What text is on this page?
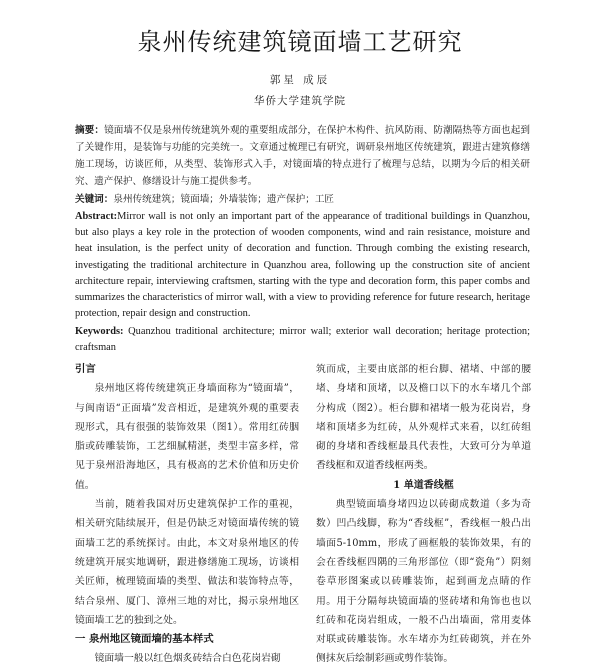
泉州传统建筑镜面墙工艺研究
郭星 成辰
华侨大学建筑学院
摘要：镜面墙不仅是泉州传统建筑外观的重要组成部分，在保护木构件、抗风防雨、防潮隔热等方面也起到了关键作用，是装饰与功能的完美统一。文章通过梳理已有研究，调研泉州地区传统建筑，跟进古建筑修缮施工现场，访谈匠师，从类型、装饰形式入手，对镜面墙的特点进行了梳理与总结，以期为今后的相关研究、遗产保护、修缮设计与施工提供参考。
关键词：泉州传统建筑；镜面墙；外墙装饰；遗产保护；工匠
Abstract:Mirror wall is not only an important part of the appearance of traditional buildings in Quanzhou, but also plays a key role in the protection of wooden components, wind and rain resistance, moisture and heat insulation, is the perfect unity of decoration and function. Through combing the existing research, investigating the traditional architecture in Quanzhou area, following up the construction site of ancient architecture repair, interviewing craftsmen, starting with the type and decoration form, this paper combs and summarizes the characteristics of mirror wall, with a view to providing reference for future research, heritage protection, repair design and construction.
Keywords: Quanzhou traditional architecture; mirror wall; exterior wall decoration; heritage protection; craftsman
引言

泉州地区将传统建筑正身墙面称为“镜面墙”，与闽南语“正面墙”发音相近，是建筑外观的重要表现形式，具有很强的装饰效果（图1）。常用红砖胭脂或砖雕装饰，工艺细腻精湛，类型丰富多样，常见于泉州沿海地区，具有极高的艺术价值和历史价值。

当前，随着我国对历史建筑保护工作的重视，相关研究陆续展开，但是仍缺乏对镜面墙传统的镜面墙工艺的系统探讨。由此，本文对泉州地区的传统建筑开展实地调研，跟进修缮施工现场，访谈相关匠师，梳理镜面墙的类型、做法和装饰特点等，结合泉州、厦门、漳州三地的对比，揭示泉州地区镜面墙工艺的独到之处。

一 泉州地区镜面墙的基本样式

镜面墙一般以红色烟炙砖结合白色花岗岩砌

筑而成，主要由底部的柜台脚、裙堵、中部的腰堵、身堵和顶堵，以及檐口以下的水车堵几个部分构成（图2）。柜台脚和裙堵一般为花岗岩，身堵和顶堵多为红砖，从外观样式来看，以红砖组砌的身堵和香线框最具代表性，大致可分为单道香线框和双道香线框两类。

1 单道香线框

典型镜面墙身堵四边以砖砌成数道（多为奇数）凹凸线脚，称为“香线框”，香线框一般凸出墙面5-10mm，形成了画框般的装饰效果，有的会在香线框四隅的三角形部位（即“瓷角”）阴刻卷草形图案或以砖雕装饰，起到画龙点睛的作用。用于分隔每块镜面墙的竖砖堵和角饰也也以红砖和花岗岩组成，一般不凸出墙面，常用麦体对联或砖雕装饰。水车堵亦为红砖砌筑，并在外侧抹灰后绘制彩画或剪作装饰。
